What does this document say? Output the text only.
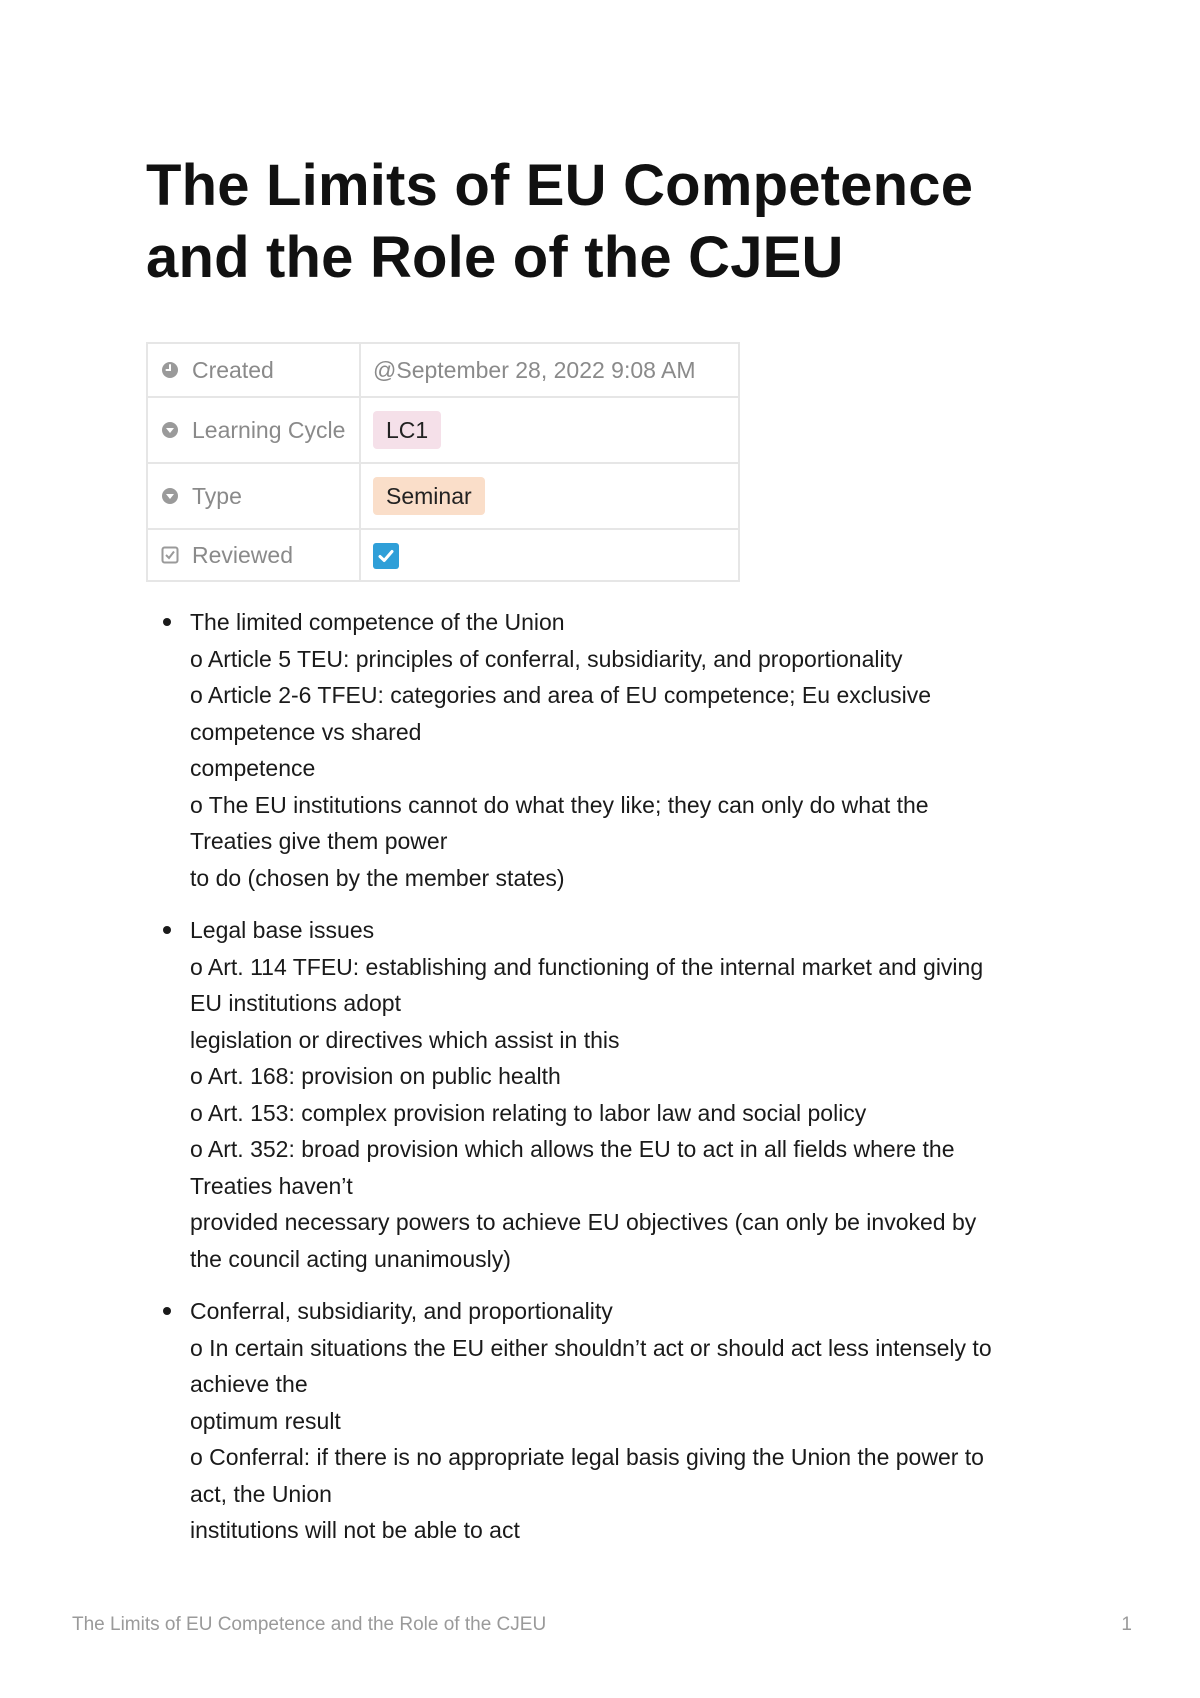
The Limits of EU Competence
and the Role of the CJEU
Created	@September 28, 2022 9:08 AM

Learning Cycle	LC1

Type	Seminar

Reviewed

The limited competence of the Union
o Article 5 TEU: principles of conferral, subsidiarity, and proportionality
o Article 2-6 TFEU: categories and area of EU competence; Eu exclusive
competence vs shared
competence
o The EU institutions cannot do what they like; they can only do what the
Treaties give them power
to do (chosen by the member states)
Legal base issues
o Art. 114 TFEU: establishing and functioning of the internal market and giving
EU institutions adopt
legislation or directives which assist in this
o Art. 168: provision on public health
o Art. 153: complex provision relating to labor law and social policy
o Art. 352: broad provision which allows the EU to act in all fields where the
Treaties haven’t
provided necessary powers to achieve EU objectives (can only be invoked by
the council acting unanimously)
Conferral, subsidiarity, and proportionality
o In certain situations the EU either shouldn’t act or should act less intensely to
achieve the
optimum result
o Conferral: if there is no appropriate legal basis giving the Union the power to
act, the Union
institutions will not be able to act
The Limits of EU Competence and the Role of the CJEU	1
